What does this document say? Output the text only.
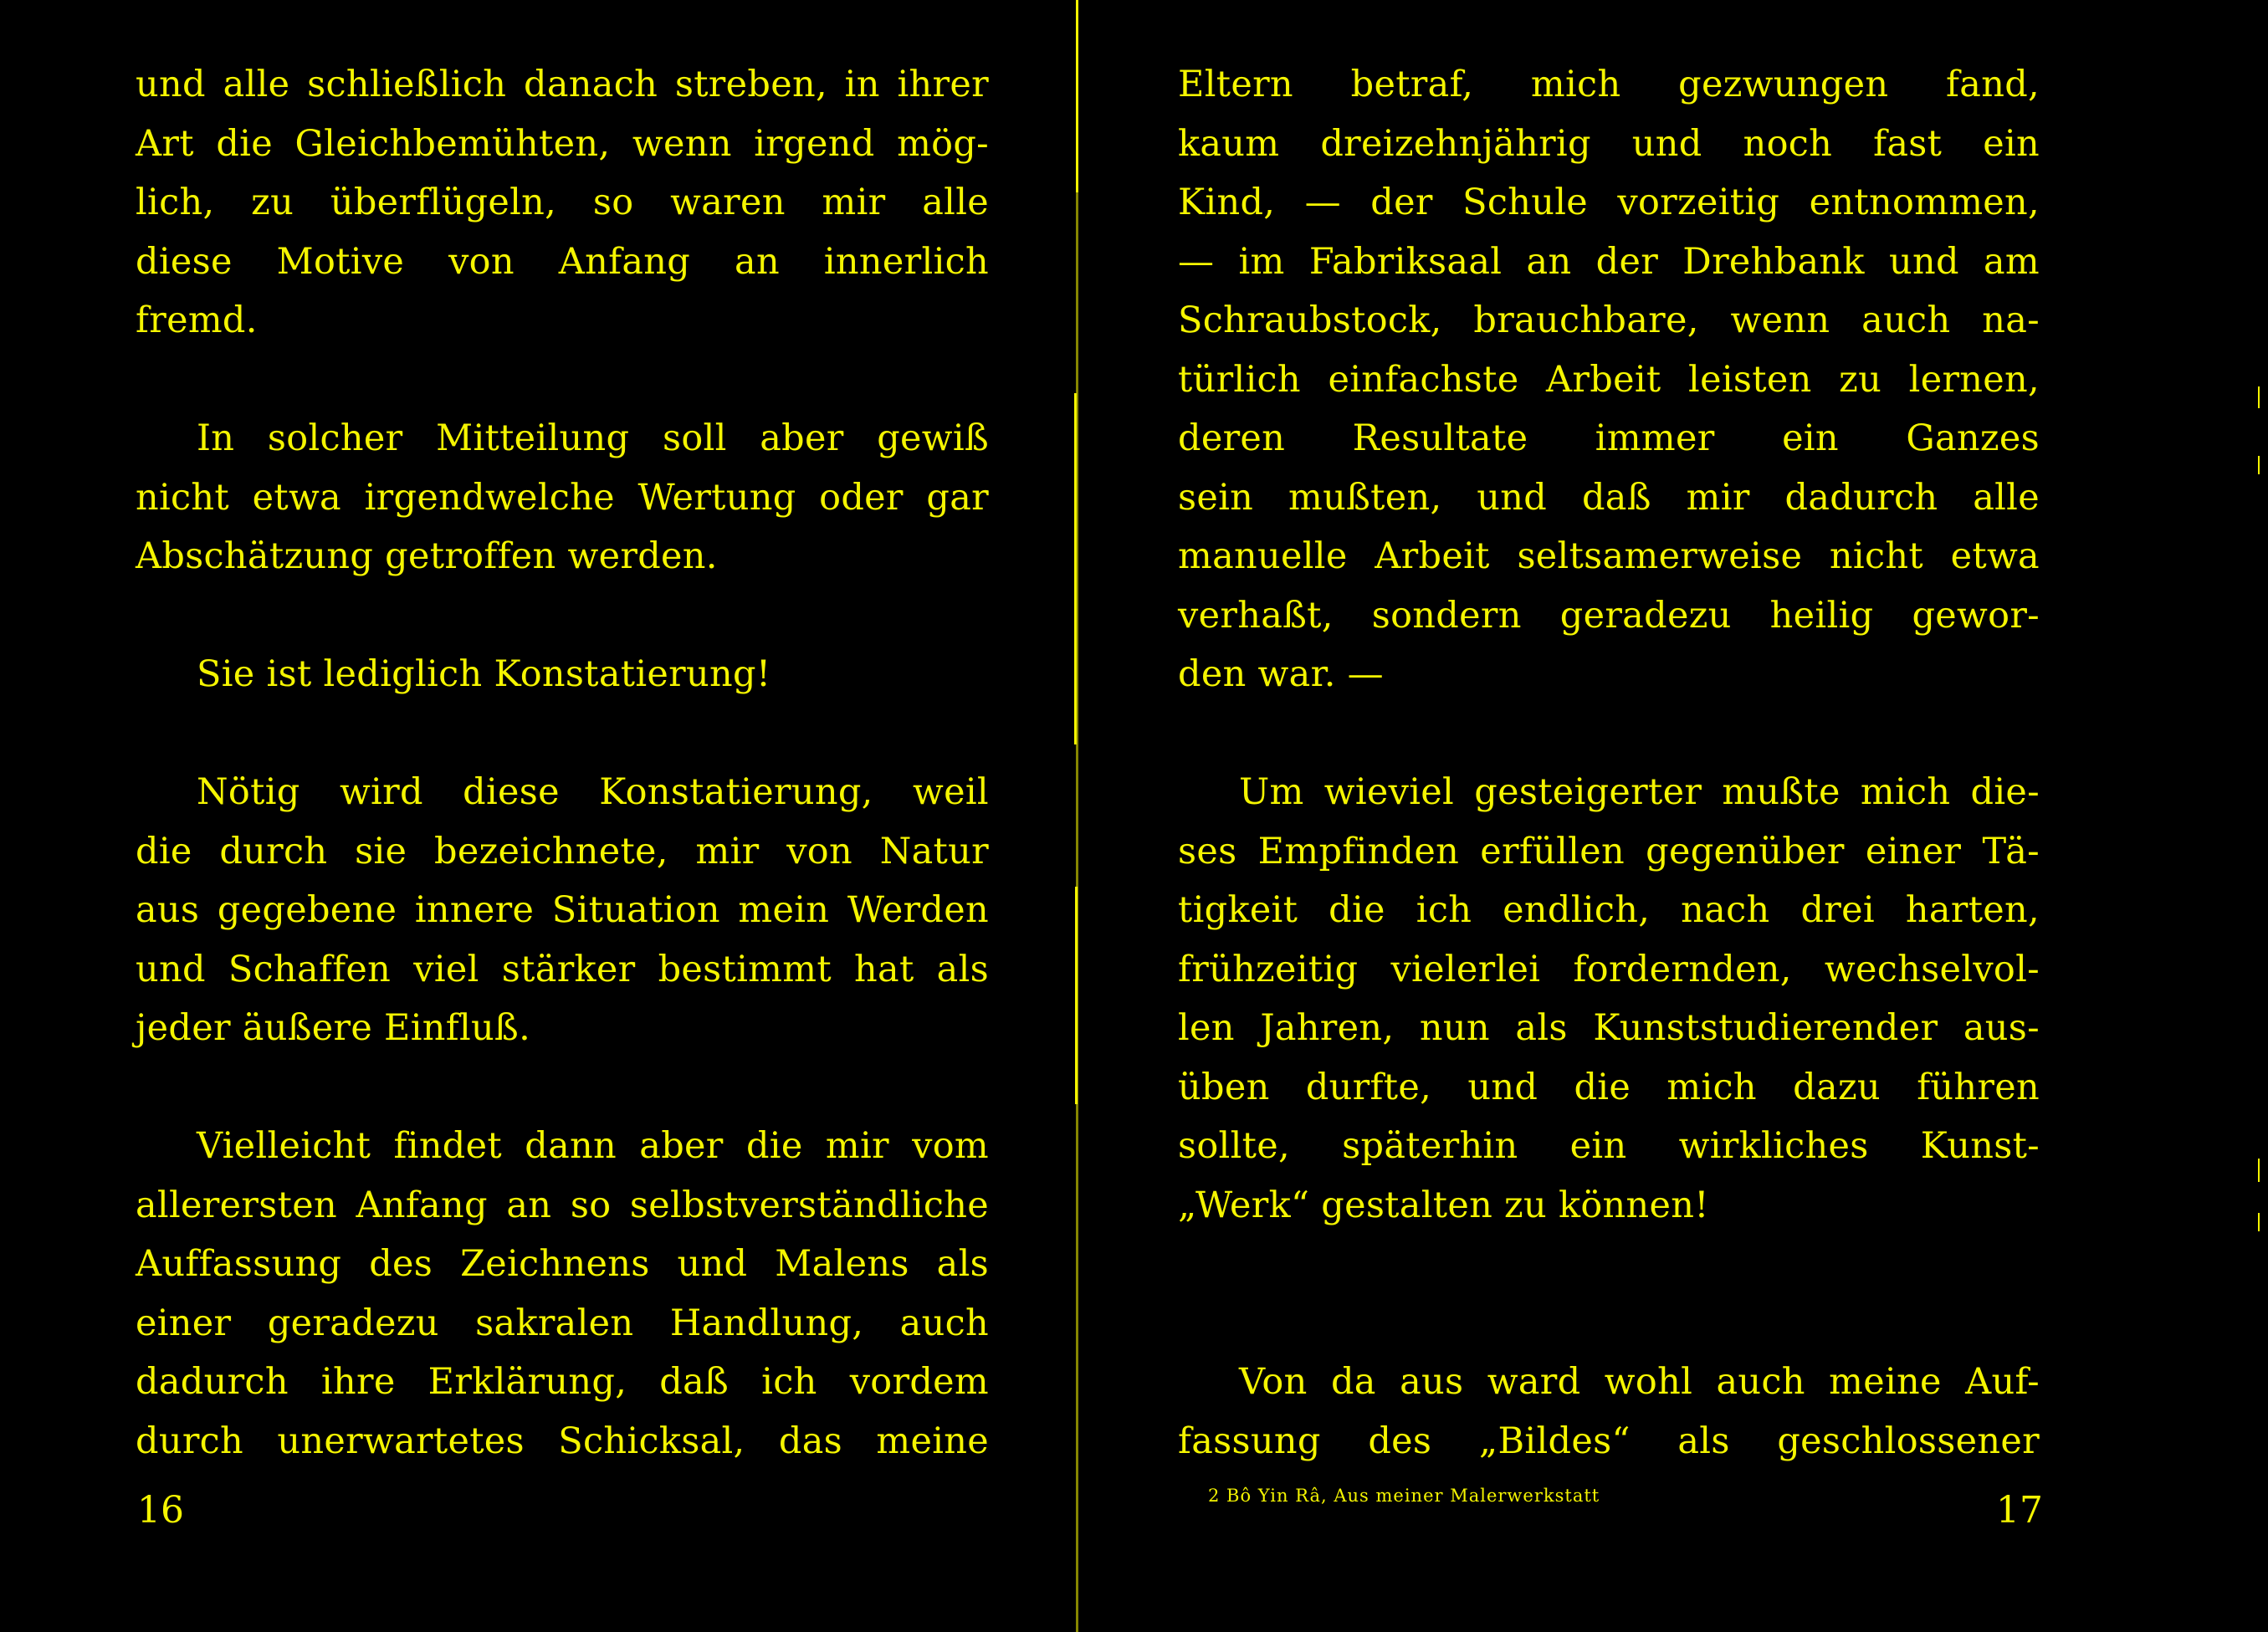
und alle schließlich danach streben, in ihrer
Art die Gleichbemühten, wenn irgend mög-
lich, zu überflügeln, so waren mir alle
diese Motive von Anfang an innerlich
fremd.
In solcher Mitteilung soll aber gewiß
nicht etwa irgendwelche Wertung oder gar
Abschätzung getroffen werden.
Sie ist lediglich Konstatierung!
Nötig wird diese Konstatierung, weil
die durch sie bezeichnete, mir von Natur
aus gegebene innere Situation mein Werden
und Schaffen viel stärker bestimmt hat als
jeder äußere Einfluß.
Vielleicht findet dann aber die mir vom
allerersten Anfang an so selbstverständliche
Auffassung des Zeichnens und Malens als
einer geradezu sakralen Handlung, auch
dadurch ihre Erklärung, daß ich vordem
durch unerwartetes Schicksal, das meine
16
Eltern betraf, mich gezwungen fand,
kaum dreizehnjährig und noch fast ein
Kind, — der Schule vorzeitig entnommen,
— im Fabriksaal an der Drehbank und am
Schraubstock, brauchbare, wenn auch na-
türlich einfachste Arbeit leisten zu lernen,
deren Resultate immer ein Ganzes
sein mußten, und daß mir dadurch alle
manuelle Arbeit seltsamerweise nicht etwa
verhaßt, sondern geradezu heilig gewor-
den war. —
Um wieviel gesteigerter mußte mich die-
ses Empfinden erfüllen gegenüber einer Tä-
tigkeit die ich endlich, nach drei harten,
frühzeitig vielerlei fordernden, wechselvol-
len Jahren, nun als Kunststudierender aus-
üben durfte, und die mich dazu führen
sollte, späterhin ein wirkliches Kunst-
„Werk“ gestalten zu können!
Von da aus ward wohl auch meine Auf-
fassung des „Bildes“ als geschlossener
2 Bô Yin Râ, Aus meiner Malerwerkstatt	17
